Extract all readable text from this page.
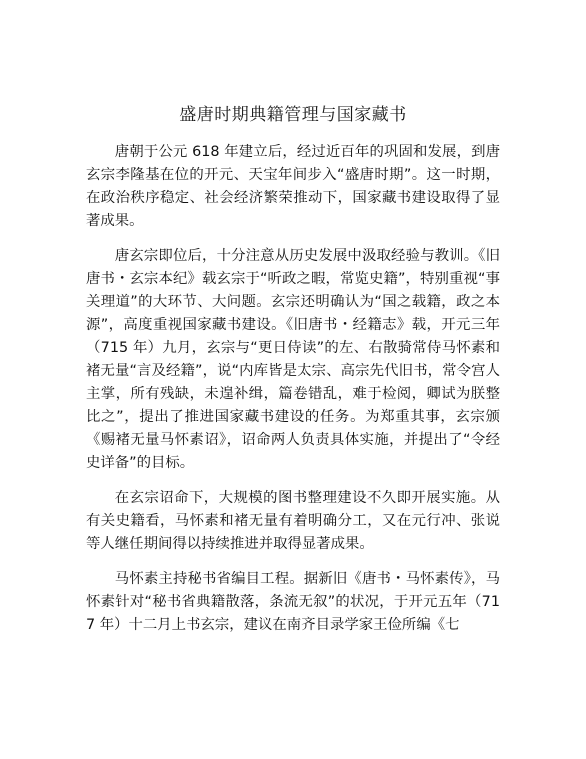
盛唐时期典籍管理与国家藏书

唐朝于公元 618 年建立后，经过近百年的巩固和发展，到唐玄宗李隆基在位的开元、天宝年间步入“盛唐时期”。这一时期，在政治秩序稳定、社会经济繁荣推动下，国家藏书建设取得了显著成果。

唐玄宗即位后，十分注意从历史发展中汲取经验与教训。《旧唐书・玄宗本纪》载玄宗于“听政之暇，常览史籍”，特别重视“事关理道”的大环节、大问题。玄宗还明确认为“国之载籍，政之本源”，高度重视国家藏书建设。《旧唐书・经籍志》载，开元三年（715 年）九月，玄宗与“更日侍读”的左、右散骑常侍马怀素和褚无量“言及经籍”，说“内库皆是太宗、高宗先代旧书，常令宫人主掌，所有残缺，未遑补缉，篇卷错乱，难于检阅，卿试为朕整比之”，提出了推进国家藏书建设的任务。为郑重其事，玄宗颁《赐褚无量马怀素诏》，诏命两人负责具体实施，并提出了“令经史详备”的目标。

在玄宗诏命下，大规模的图书整理建设不久即开展实施。从有关史籍看，马怀素和褚无量有着明确分工，又在元行冲、张说等人继任期间得以持续推进并取得显著成果。

马怀素主持秘书省编目工程。据新旧《唐书・马怀素传》，马怀素针对“秘书省典籍散落，条流无叙”的状况，于开元五年（717 年）十二月上书玄宗，建议在南齐目录学家王俭所编《七
